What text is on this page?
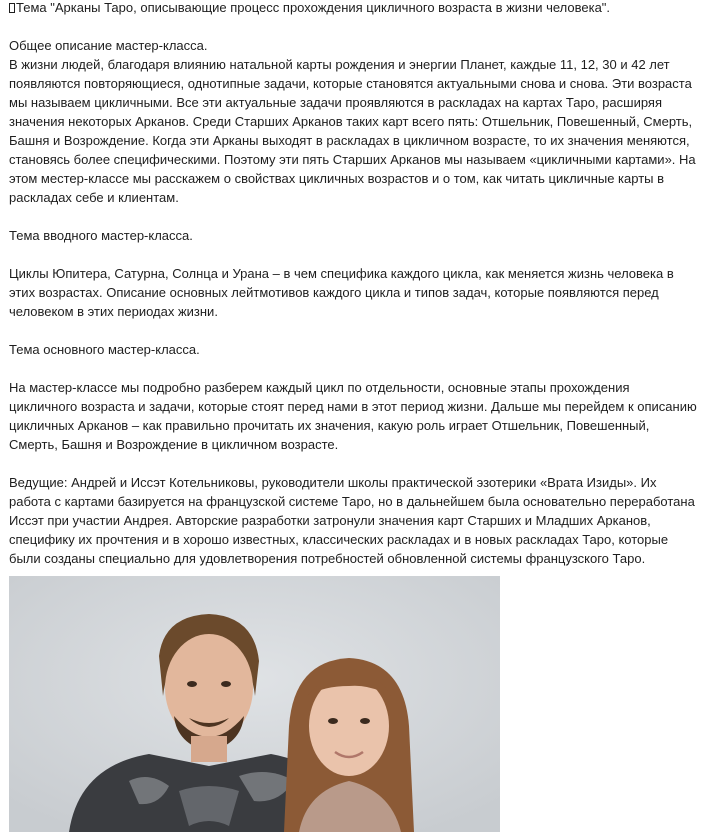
Тема "Арканы Таро, описывающие процесс прохождения цикличного возраста в жизни человека".

Общее описание мастер-класса.

В жизни людей, благодаря влиянию натальной карты рождения и энергии Планет, каждые 11, 12, 30 и 42 лет появляются повторяющиеся, однотипные задачи, которые становятся актуальными снова и снова. Эти возраста мы называем цикличными. Все эти актуальные задачи проявляются в раскладах на картах Таро, расширяя значения некоторых Арканов. Среди Старших Арканов таких карт всего пять: Отшельник, Повешенный, Смерть, Башня и Возрождение. Когда эти Арканы выходят в раскладах в цикличном возрасте, то их значения меняются, становясь более специфическими. Поэтому эти пять Старших Арканов мы называем «цикличными картами». На этом местер-классе мы расскажем о свойствах цикличных возрастов и о том, как читать цикличные карты в раскладах себе и клиентам.

Тема вводного мастер-класса.

Циклы Юпитера, Сатурна, Солнца и Урана – в чем специфика каждого цикла, как меняется жизнь человека в этих возрастах. Описание основных лейтмотивов каждого цикла и типов задач, которые появляются перед человеком в этих периодах жизни.

Тема основного мастер-класса.

На мастер-классе мы подробно разберем каждый цикл по отдельности, основные этапы прохождения цикличного возраста и задачи, которые стоят перед нами в этот период жизни. Дальше мы перейдем к описанию цикличных Арканов – как правильно прочитать их значения, какую роль играет Отшельник, Повешенный, Смерть, Башня и Возрождение в цикличном возрасте.

Ведущие: Андрей и Иссэт Котельниковы, руководители школы практической эзотерики «Врата Изиды». Их работа с картами базируется на французской системе Таро, но в дальнейшем была основательно переработана Иссэт при участии Андрея. Авторские разработки затронули значения карт Старших и Младших Арканов, специфику их прочтения и в хорошо известных, классических раскладах и в новых раскладах Таро, которые были созданы специально для удовлетворения потребностей обновленной системы французского Таро.
